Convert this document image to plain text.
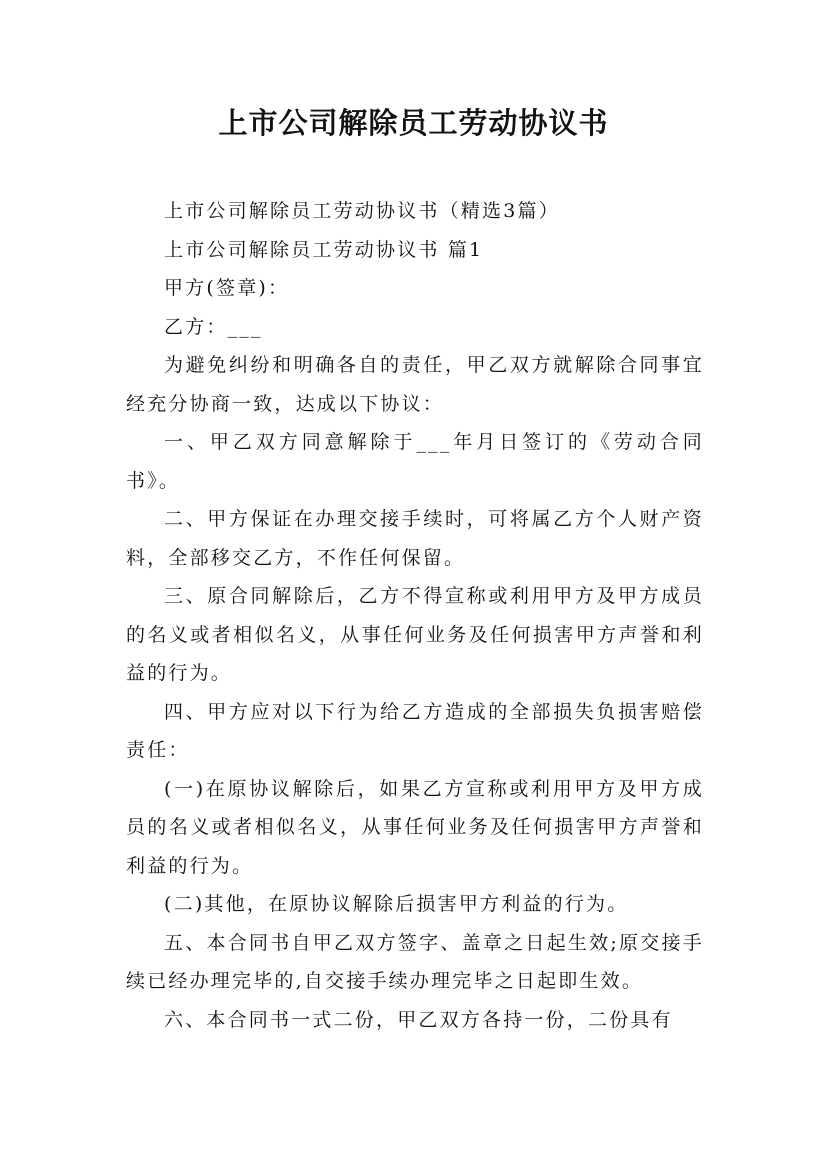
上市公司解除员工劳动协议书

上市公司解除员工劳动协议书（精选3篇）

上市公司解除员工劳动协议书 篇1

甲方(签章)：

乙方：___

为避免纠纷和明确各自的责任，甲乙双方就解除合同事宜经充分协商一致，达成以下协议：

一、甲乙双方同意解除于___年月日签订的《劳动合同书》。

二、甲方保证在办理交接手续时，可将属乙方个人财产资料，全部移交乙方，不作任何保留。

三、原合同解除后，乙方不得宣称或利用甲方及甲方成员的名义或者相似名义，从事任何业务及任何损害甲方声誉和利益的行为。

四、甲方应对以下行为给乙方造成的全部损失负损害赔偿责任：

(一)在原协议解除后，如果乙方宣称或利用甲方及甲方成员的名义或者相似名义，从事任何业务及任何损害甲方声誉和利益的行为。

(二)其他，在原协议解除后损害甲方利益的行为。

五、本合同书自甲乙双方签字、盖章之日起生效;原交接手续已经办理完毕的,自交接手续办理完毕之日起即生效。

六、本合同书一式二份，甲乙双方各持一份，二份具有
